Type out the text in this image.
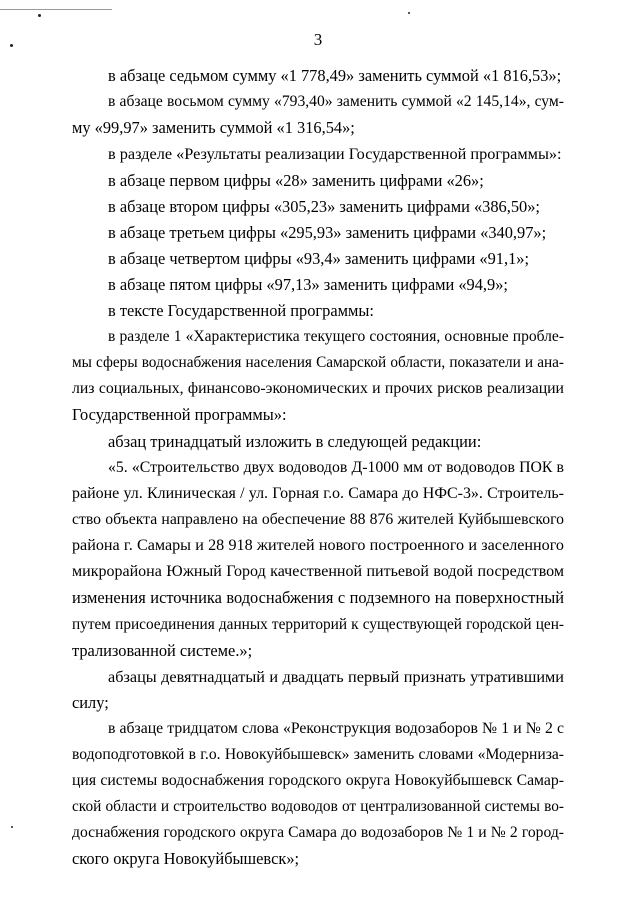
3
в абзаце седьмом сумму «1 778,49» заменить суммой «1 816,53»;
в абзаце восьмом сумму «793,40» заменить суммой «2 145,14», сум-
му «99,97» заменить суммой «1 316,54»;
в разделе «Результаты реализации Государственной программы»:
в абзаце первом цифры «28» заменить цифрами «26»;
в абзаце втором цифры «305,23» заменить цифрами «386,50»;
в абзаце третьем цифры «295,93» заменить цифрами «340,97»;
в абзаце четвертом цифры «93,4» заменить цифрами «91,1»;
в абзаце пятом цифры «97,13» заменить цифрами «94,9»;
в тексте Государственной программы:
в разделе 1 «Характеристика текущего состояния, основные пробле-
мы сферы водоснабжения населения Самарской области, показатели и ана-
лиз социальных, финансово-экономических и прочих рисков реализации
Государственной программы»:
абзац тринадцатый изложить в следующей редакции:
«5. «Строительство двух водоводов Д-1000 мм от водоводов ПОК в
районе ул. Клиническая / ул. Горная г.о. Самара до НФС-3». Строитель-
ство объекта направлено на обеспечение 88 876 жителей Куйбышевского
района г. Самары и 28 918 жителей нового построенного и заселенного
микрорайона Южный Город качественной питьевой водой посредством
изменения источника водоснабжения с подземного на поверхностный
путем присоединения данных территорий к существующей городской цен-
трализованной системе.»;
абзацы девятнадцатый и двадцать первый признать утратившими
силу;
в абзаце тридцатом слова «Реконструкция водозаборов № 1 и № 2 с
водоподготовкой в г.о. Новокуйбышевск» заменить словами «Модерниза-
ция системы водоснабжения городского округа Новокуйбышевск Самар-
ской области и строительство водоводов от централизованной системы во-
доснабжения городского округа Самара до водозаборов № 1 и № 2 город-
ского округа Новокуйбышевск»;
